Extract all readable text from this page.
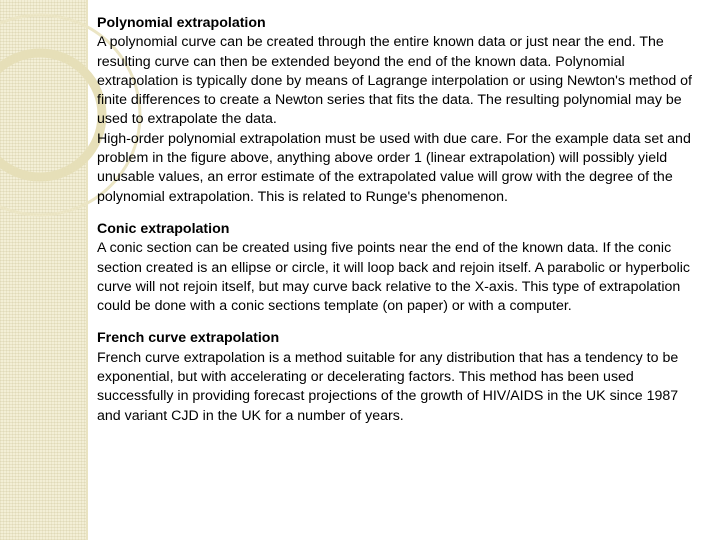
Polynomial extrapolation
A polynomial curve can be created through the entire known data or just near the end. The resulting curve can then be extended beyond the end of the known data. Polynomial extrapolation is typically done by means of Lagrange interpolation or using Newton's method of finite differences to create a Newton series that fits the data. The resulting polynomial may be used to extrapolate the data.
High-order polynomial extrapolation must be used with due care. For the example data set and problem in the figure above, anything above order 1 (linear extrapolation) will possibly yield unusable values, an error estimate of the extrapolated value will grow with the degree of the polynomial extrapolation. This is related to Runge's phenomenon.
Conic extrapolation
A conic section can be created using five points near the end of the known data. If the conic section created is an ellipse or circle, it will loop back and rejoin itself. A parabolic or hyperbolic curve will not rejoin itself, but may curve back relative to the X-axis. This type of extrapolation could be done with a conic sections template (on paper) or with a computer.
French curve extrapolation
French curve extrapolation is a method suitable for any distribution that has a tendency to be exponential, but with accelerating or decelerating factors. This method has been used successfully in providing forecast projections of the growth of HIV/AIDS in the UK since 1987 and variant CJD in the UK for a number of years.
